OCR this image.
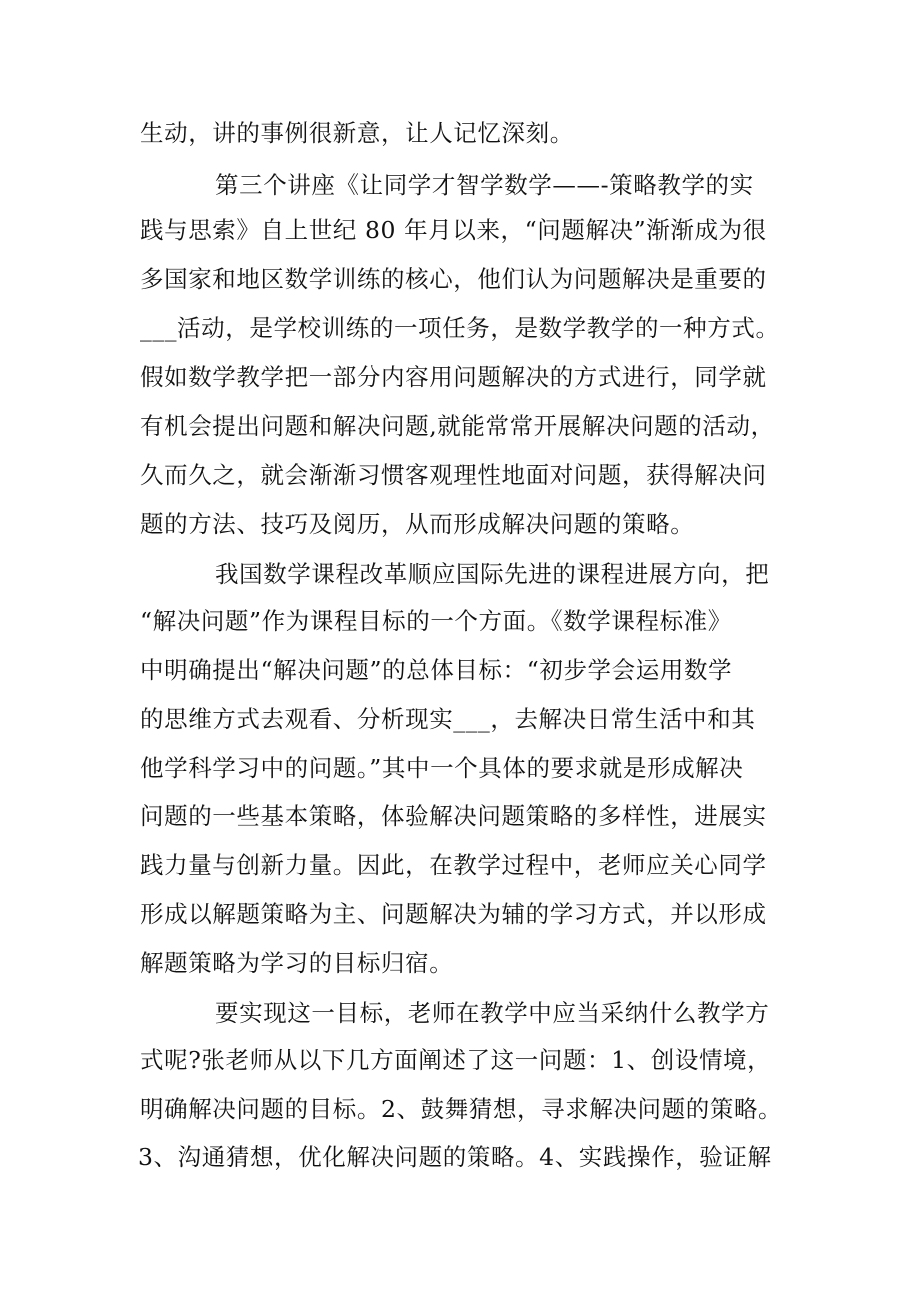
生动，讲的事例很新意，让人记忆深刻。
第三个讲座《让同学才智学数学——-策略教学的实
践与思索》自上世纪 80 年月以来，“问题解决”渐渐成为很
多国家和地区数学训练的核心，他们认为问题解决是重要的
___活动，是学校训练的一项任务，是数学教学的一种方式。
假如数学教学把一部分内容用问题解决的方式进行，同学就
有机会提出问题和解决问题,就能常常开展解决问题的活动，
久而久之，就会渐渐习惯客观理性地面对问题，获得解决问
题的方法、技巧及阅历，从而形成解决问题的策略。
我国数学课程改革顺应国际先进的课程进展方向，把
“解决问题”作为课程目标的一个方面。《数学课程标准》
中明确提出“解决问题”的总体目标：“初步学会运用数学
的思维方式去观看、分析现实___，去解决日常生活中和其
他学科学习中的问题。”其中一个具体的要求就是形成解决
问题的一些基本策略，体验解决问题策略的多样性，进展实
践力量与创新力量。因此，在教学过程中，老师应关心同学
形成以解题策略为主、问题解决为辅的学习方式，并以形成
解题策略为学习的目标归宿。
要实现这一目标，老师在教学中应当采纳什么教学方
式呢?张老师从以下几方面阐述了这一问题：1、创设情境，
明确解决问题的目标。2、鼓舞猜想，寻求解决问题的策略。
3、沟通猜想，优化解决问题的策略。4、实践操作，验证解
